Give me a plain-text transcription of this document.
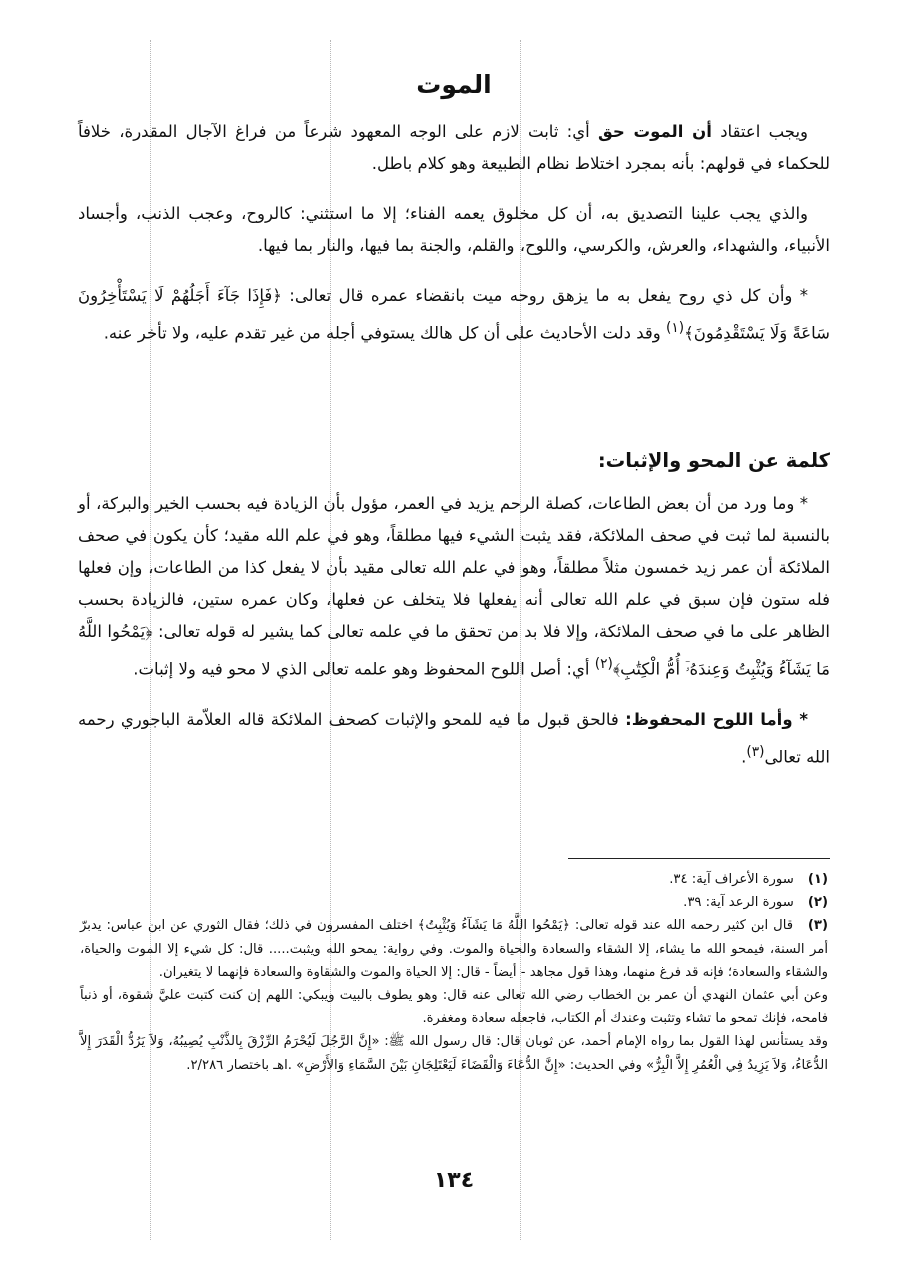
الموت

ويجب اعتقاد أن الموت حق أي: ثابت لازم على الوجه المعهود شرعاً من فراغ الآجال المقدرة، خلافاً للحكماء في قولهم: بأنه بمجرد اختلاط نظام الطبيعة وهو كلام باطل.

والذي يجب علينا التصديق به، أن كل مخلوق يعمه الفناء؛ إلا ما استثني: كالروح، وعجب الذنب، وأجساد الأنبياء، والشهداء، والعرش، والكرسي، واللوح، والقلم، والجنة بما فيها، والنار بما فيها.

* وأن كل ذي روح يفعل به ما يزهق روحه ميت بانقضاء عمره قال تعالى: ﴿فَإِذَا جَآءَ أَجَلُهُمْ لَا يَسْتَأْخِرُونَ سَاعَةً وَلَا يَسْتَقْدِمُونَ﴾$^{(١)}$ وقد دلت الأحاديث على أن كل هالك يستوفي أجله من غير تقدم عليه، ولا تأخر عنه.

كلمة عن المحو والإثبات:

* وما ورد من أن بعض الطاعات، كصلة الرحم يزيد في العمر، مؤول بأن الزيادة فيه بحسب الخير والبركة، أو بالنسبة لما ثبت في صحف الملائكة، فقد يثبت الشيء فيها مطلقاً، وهو في علم الله مقيد؛ كأن يكون في صحف الملائكة أن عمر زيد خمسون مثلاً مطلقاً، وهو في علم الله تعالى مقيد بأن لا يفعل كذا من الطاعات، وإن فعلها فله ستون فإن سبق في علم الله تعالى أنه يفعلها فلا يتخلف عن فعلها، وكان عمره ستين، فالزيادة بحسب الظاهر على ما في صحف الملائكة، وإلا فلا بد من تحقق ما في علمه تعالى كما يشير له قوله تعالى: ﴿يَمْحُوا اللَّهُ مَا يَشَآءُ وَيُثْبِتُ وَعِندَهُۥٓ أُمُّ الْكِتَٰبِ﴾$^{(٢)}$ أي: أصل اللوح المحفوظ وهو علمه تعالى الذي لا محو فيه ولا إثبات.

* وأما اللوح المحفوظ: فالحق قبول ما فيه للمحو والإثبات كصحف الملائكة قاله العلاّمة الباجوري رحمه الله تعالى$^{(٣)}$.

(١) سورة الأعراف آية: ٣٤.

(٢) سورة الرعد آية: ٣٩.

(٣) قال ابن كثير رحمه الله عند قوله تعالى: ﴿يَمْحُوا اللَّهُ مَا يَشَآءُ وَيُثْبِتُ﴾ اختلف المفسرون في ذلك؛ فقال الثوري عن ابن عباس: يدبرّ أمر السنة، فيمحو الله ما يشاء، إلا الشقاء والسعادة والحياة والموت. وفي رواية: يمحو الله ويثبت..... قال: كل شيء إلا الموت والحياة، والشقاء والسعادة؛ فإنه قد فرغ منهما، وهذا قول مجاهد - أيضاً - قال: إلا الحياة والموت والشقاوة والسعادة فإنهما لا يتغيران.

وعن أبي عثمان النهدي أن عمر بن الخطاب رضي الله تعالى عنه قال: وهو يطوف بالبيت ويبكي: اللهم إن كنت كتبت عليَّ شقوة، أو ذنباً فامحه، فإنك تمحو ما تشاء وتثبت وعندك أم الكتاب، فاجعله سعادة ومغفرة.

وقد يستأنس لهذا القول بما رواه الإمام أحمد، عن ثوبان قال: قال رسول الله ﷺ: «إِنَّ الرَّجُلَ لَيُحْرَمُ الرِّزْقَ بِالذَّنْبِ يُصِيبُهُ، وَلاَ يَرُدُّ الْقَدَرَ إِلاَّ الدُّعَاءُ، وَلاَ يَزِيدُ فِي الْعُمُرِ إِلاَّ الْبِرُّ» وفي الحديث: «إِنَّ الدُّعَاءَ وَالْقَضَاءَ لَيَعْتَلِجَانِ بَيْنَ السَّمَاءِ وَالأَرْضِ» .اهـ باختصار ٢/٢٨٦.

١٣٤
